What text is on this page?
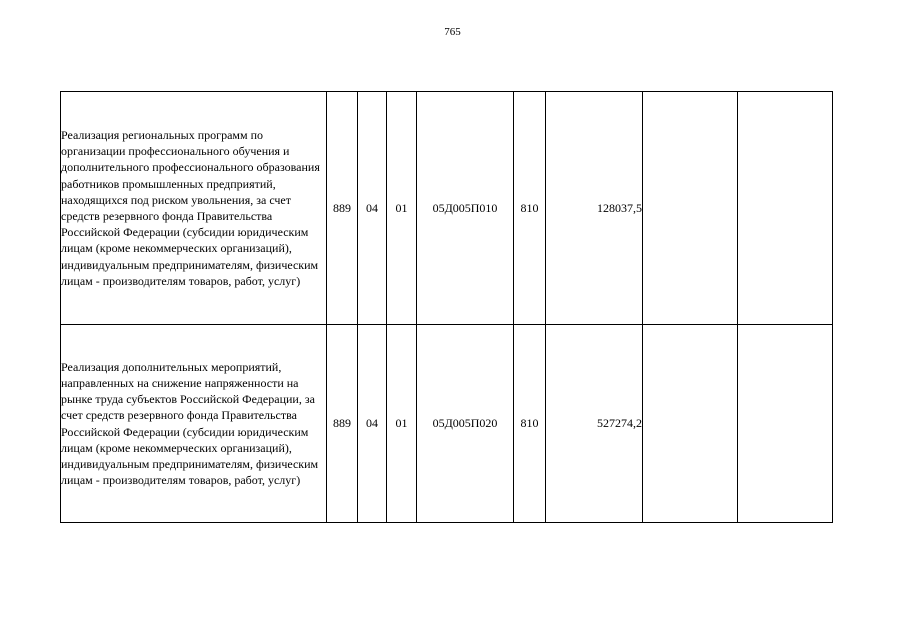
765
Реализация региональных программ по организации профессионального обучения и дополнительного профессионального образования работников промышленных предприятий, находящихся под риском увольнения, за счет средств резервного фонда Правительства Российской Федерации (субсидии юридическим лицам (кроме некоммерческих организаций), индивидуальным предпринимателям, физическим лицам - производителям товаров, работ, услуг)	889	04	01	05Д005П010	810	128037,5		
Реализация дополнительных мероприятий, направленных на снижение напряженности на рынке труда субъектов Российской Федерации, за счет средств резервного фонда Правительства Российской Федерации (субсидии юридическим лицам (кроме некоммерческих организаций), индивидуальным предпринимателям, физическим лицам - производителям товаров, работ, услуг)	889	04	01	05Д005П020	810	527274,2		
